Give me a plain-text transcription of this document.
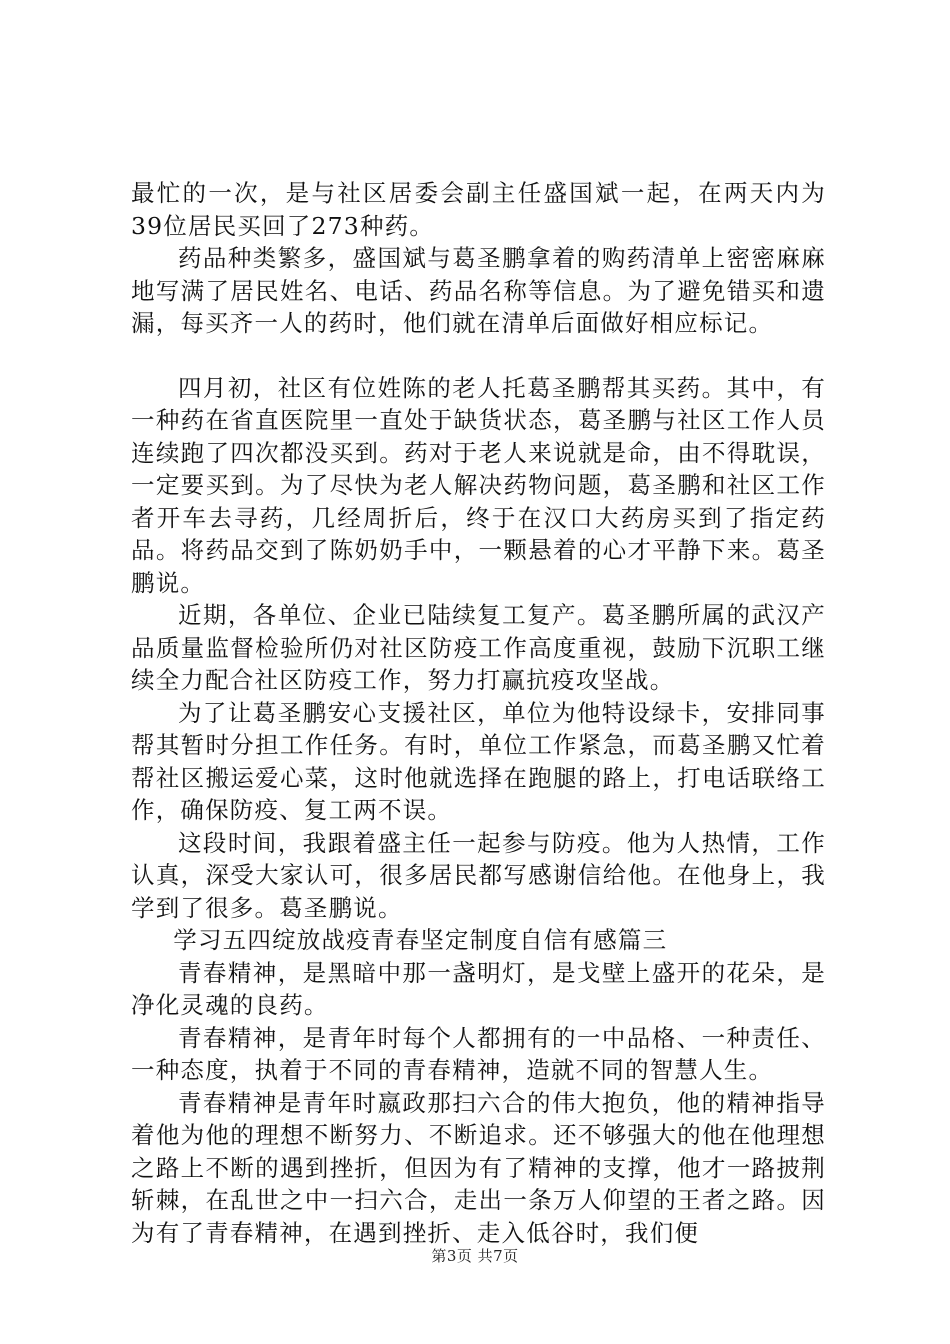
最忙的一次，是与社区居委会副主任盛国斌一起，在两天内为39位居民买回了273种药。

药品种类繁多，盛国斌与葛圣鹏拿着的购药清单上密密麻麻地写满了居民姓名、电话、药品名称等信息。为了避免错买和遗漏，每买齐一人的药时，他们就在清单后面做好相应标记。

四月初，社区有位姓陈的老人托葛圣鹏帮其买药。其中，有一种药在省直医院里一直处于缺货状态，葛圣鹏与社区工作人员连续跑了四次都没买到。药对于老人来说就是命，由不得耽误，一定要买到。为了尽快为老人解决药物问题，葛圣鹏和社区工作者开车去寻药，几经周折后，终于在汉口大药房买到了指定药品。将药品交到了陈奶奶手中，一颗悬着的心才平静下来。葛圣鹏说。

近期，各单位、企业已陆续复工复产。葛圣鹏所属的武汉产品质量监督检验所仍对社区防疫工作高度重视，鼓励下沉职工继续全力配合社区防疫工作，努力打赢抗疫攻坚战。

为了让葛圣鹏安心支援社区，单位为他特设绿卡，安排同事帮其暂时分担工作任务。有时，单位工作紧急，而葛圣鹏又忙着帮社区搬运爱心菜，这时他就选择在跑腿的路上，打电话联络工作，确保防疫、复工两不误。

这段时间，我跟着盛主任一起参与防疫。他为人热情，工作认真，深受大家认可，很多居民都写感谢信给他。在他身上，我学到了很多。葛圣鹏说。

学习五四绽放战疫青春坚定制度自信有感篇三

青春精神，是黑暗中那一盏明灯，是戈壁上盛开的花朵，是净化灵魂的良药。

青春精神，是青年时每个人都拥有的一中品格、一种责任、一种态度，执着于不同的青春精神，造就不同的智慧人生。

青春精神是青年时嬴政那扫六合的伟大抱负，他的精神指导着他为他的理想不断努力、不断追求。还不够强大的他在他理想之路上不断的遇到挫折，但因为有了精神的支撑，他才一路披荆斩棘，在乱世之中一扫六合，走出一条万人仰望的王者之路。因为有了青春精神，在遇到挫折、走入低谷时，我们便

第3页 共7页
